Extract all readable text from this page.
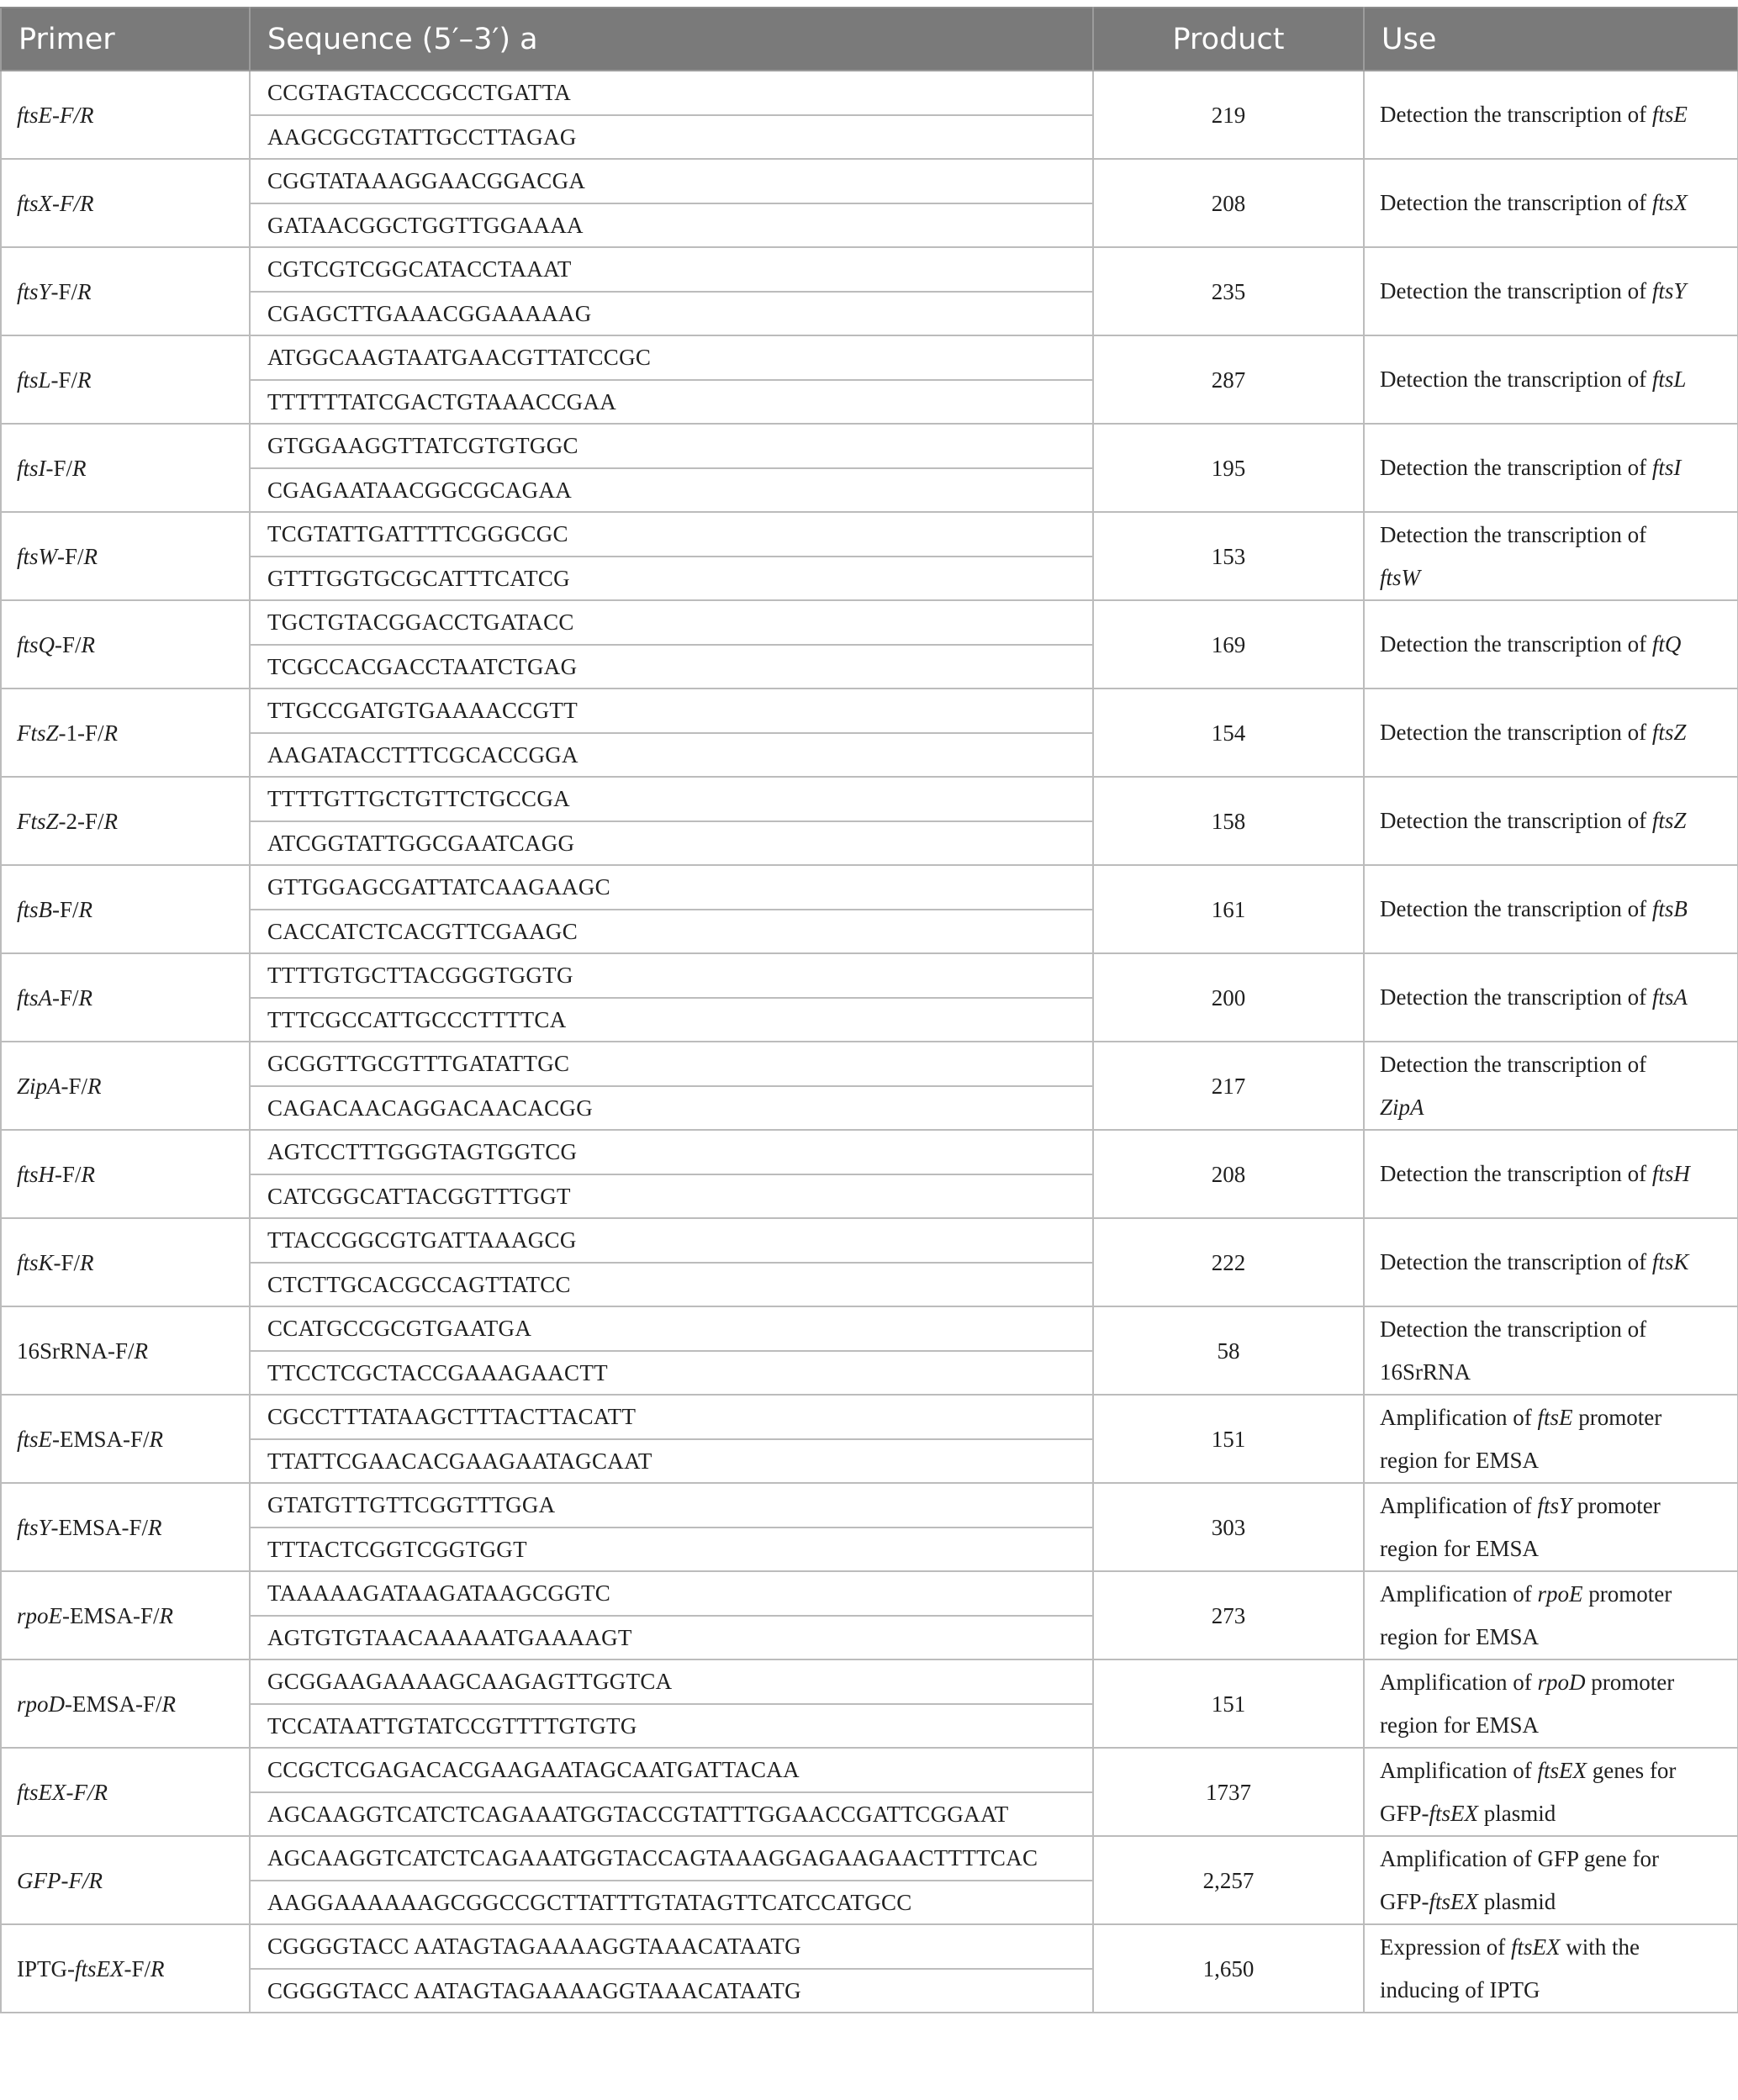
Primer	Sequence (5′–3′) a	Product	Use
ftsE-F/R	CCGTAGTACCCGCCTGATTA	219	Detection the transcription of ftsE
	AAGCGCGTATTGCCTTAGAG		
ftsX-F/R	CGGTATAAAGGAACGGACGA	208	Detection the transcription of ftsX
	GATAACGGCTGGTTGGAAAA		
ftsY-F/R	CGTCGTCGGCATACCTAAAT	235	Detection the transcription of ftsY
	CGAGCTTGAAACGGAAAAAG		
ftsL-F/R	ATGGCAAGTAATGAACGTTATCCGC	287	Detection the transcription of ftsL
	TTTTTTATCGACTGTAAACCGAA		
ftsI-F/R	GTGGAAGGTTATCGTGTGGC	195	Detection the transcription of ftsI
	CGAGAATAACGGCGCAGAA		
ftsW-F/R	TCGTATTGATTTTCGGGCGC	153	Detection the transcription of
ftsW
	GTTTGGTGCGCATTTCATCG		
ftsQ-F/R	TGCTGTACGGACCTGATACC	169	Detection the transcription of ftQ
	TCGCCACGACCTAATCTGAG		
FtsZ-1-F/R	TTGCCGATGTGAAAACCGTT	154	Detection the transcription of ftsZ
	AAGATACCTTTCGCACCGGA		
FtsZ-2-F/R	TTTTGTTGCTGTTCTGCCGA	158	Detection the transcription of ftsZ
	ATCGGTATTGGCGAATCAGG		
ftsB-F/R	GTTGGAGCGATTATCAAGAAGC	161	Detection the transcription of ftsB
	CACCATCTCACGTTCGAAGC		
ftsA-F/R	TTTTGTGCTTACGGGTGGTG	200	Detection the transcription of ftsA
	TTTCGCCATTGCCCTTTTCA		
ZipA-F/R	GCGGTTGCGTTTGATATTGC	217	Detection the transcription of
ZipA
	CAGACAACAGGACAACACGG		
ftsH-F/R	AGTCCTTTGGGTAGTGGTCG	208	Detection the transcription of ftsH
	CATCGGCATTACGGTTTGGT		
ftsK-F/R	TTACCGGCGTGATTAAAGCG	222	Detection the transcription of ftsK
	CTCTTGCACGCCAGTTATCC		
16SrRNA-F/R	CCATGCCGCGTGAATGA	58	Detection the transcription of
16SrRNA
	TTCCTCGCTACCGAAAGAACTT		
ftsE-EMSA-F/R	CGCCTTTATAAGCTTTACTTACATT	151	Amplification of ftsE promoter
region for EMSA
	TTATTCGAACACGAAGAATAGCAAT		
ftsY-EMSA-F/R	GTATGTTGTTCGGTTTGGA	303	Amplification of ftsY promoter
region for EMSA
	TTTACTCGGTCGGTGGT		
rpoE-EMSA-F/R	TAAAAAGATAAGATAAGCGGTC	273	Amplification of rpoE promoter
region for EMSA
	AGTGTGTAACAAAAATGAAAAGT		
rpoD-EMSA-F/R	GCGGAAGAAAAGCAAGAGTTGGTCA	151	Amplification of rpoD promoter
region for EMSA
	TCCATAATTGTATCCGTTTTGTGTG		
ftsEX-F/R	CCGCTCGAGACACGAAGAATAGCAATGATTACAA	1737	Amplification of ftsEX genes for
GFP-ftsEX plasmid
	AGCAAGGTCATCTCAGAAATGGTACCGTATTTGGAACCGATTCGGAAT		
GFP-F/R	AGCAAGGTCATCTCAGAAATGGTACCAGTAAAGGAGAAGAACTTTTCAC	2,257	Amplification of GFP gene for
GFP-ftsEX plasmid
	AAGGAAAAAAGCGGCCGCTTATTTGTATAGTTCATCCATGCC		
IPTG-ftsEX-F/R	CGGGGTACC AATAGTAGAAAAGGTAAACATAATG	1,650	Expression of ftsEX with the
inducing of IPTG
	CGGGGTACC AATAGTAGAAAAGGTAAACATAATG		
